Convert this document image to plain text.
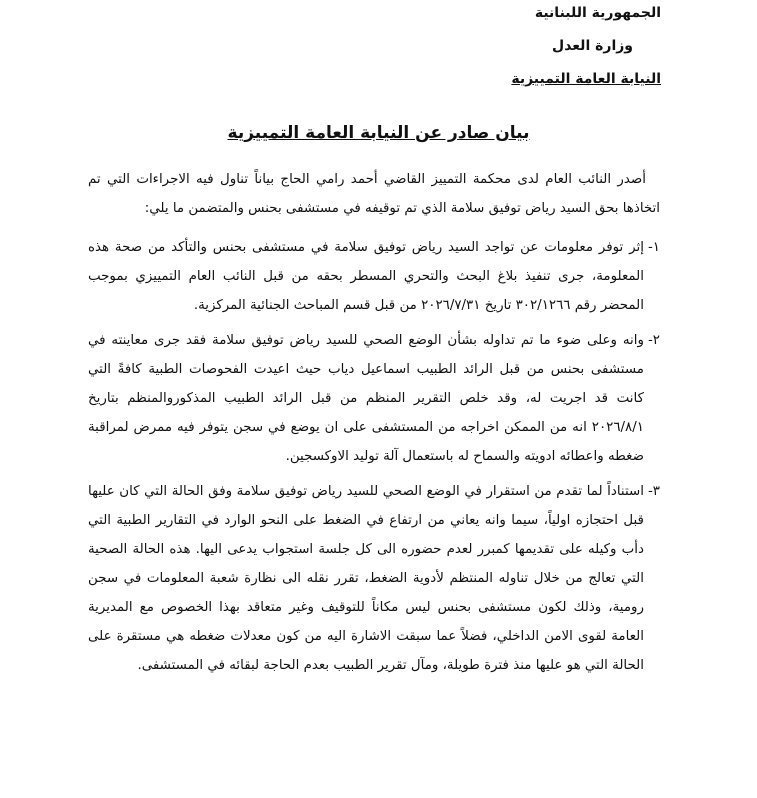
الجمهورية اللبنانية
وزارة العدل
النيابة العامة التمييزية
بيان صادر عن النيابة العامة التمييزية

أصدر النائب العام لدى محكمة التمييز القاضي أحمد رامي الحاج بياناً تناول فيه الاجراءات التي تم اتخاذها بحق السيد رياض توفيق سلامة الذي تم توقيفه في مستشفى بحنس والمتضمن ما يلي:

١-
إثر توفر معلومات عن تواجد السيد رياض توفيق سلامة في مستشفى بحنس والتأكد من صحة هذه المعلومة، جرى تنفيذ بلاغ البحث والتحري المسطر بحقه من قبل النائب العام التمييزي بموجب المحضر رقم ٣٠٢/١٢٦٦ تاريخ ٢٠٢٦/٧/٣١ من قبل قسم المباحث الجنائية المركزية.
٢-
وانه وعلى ضوء ما تم تداوله بشأن الوضع الصحي للسيد رياض توفيق سلامة فقد جرى معاينته في مستشفى بحنس من قبل الرائد الطبيب اسماعيل دياب حيث اعيدت الفحوصات الطبية كافةً التي كانت قد اجريت له، وقد خلص التقرير المنظم من قبل الرائد الطبيب المذكوروالمنظم بتاريخ ٢٠٢٦/٨/١ انه من الممكن اخراجه من المستشفى على ان يوضع في سجن يتوفر فيه ممرض لمراقبة ضغطه واعطائه ادويته والسماح له باستعمال آلة توليد الاوكسجين.
٣-
استناداً لما تقدم من استقرار في الوضع الصحي للسيد رياض توفيق سلامة وفق الحالة التي كان عليها قبل احتجازه اولياً، سيما وانه يعاني من ارتفاع في الضغط على النحو الوارد في التقارير الطبية التي دأب وكيله على تقديمها كمبرر لعدم حضوره الى كل جلسة استجواب يدعى اليها. هذه الحالة الصحية التي تعالج من خلال تناوله المنتظم لأدوية الضغط، تقرر نقله الى نظارة شعبة المعلومات في سجن رومية، وذلك لكون مستشفى بحنس ليس مكاناً للتوقيف وغير متعاقد بهذا الخصوص مع المديرية العامة لقوى الامن الداخلي، فضلاً عما سبقت الاشارة اليه من كون معدلات ضغطه هي مستقرة على الحالة التي هو عليها منذ فترة طويلة، ومآل تقرير الطبيب بعدم الحاجة لبقائه في المستشفى.
